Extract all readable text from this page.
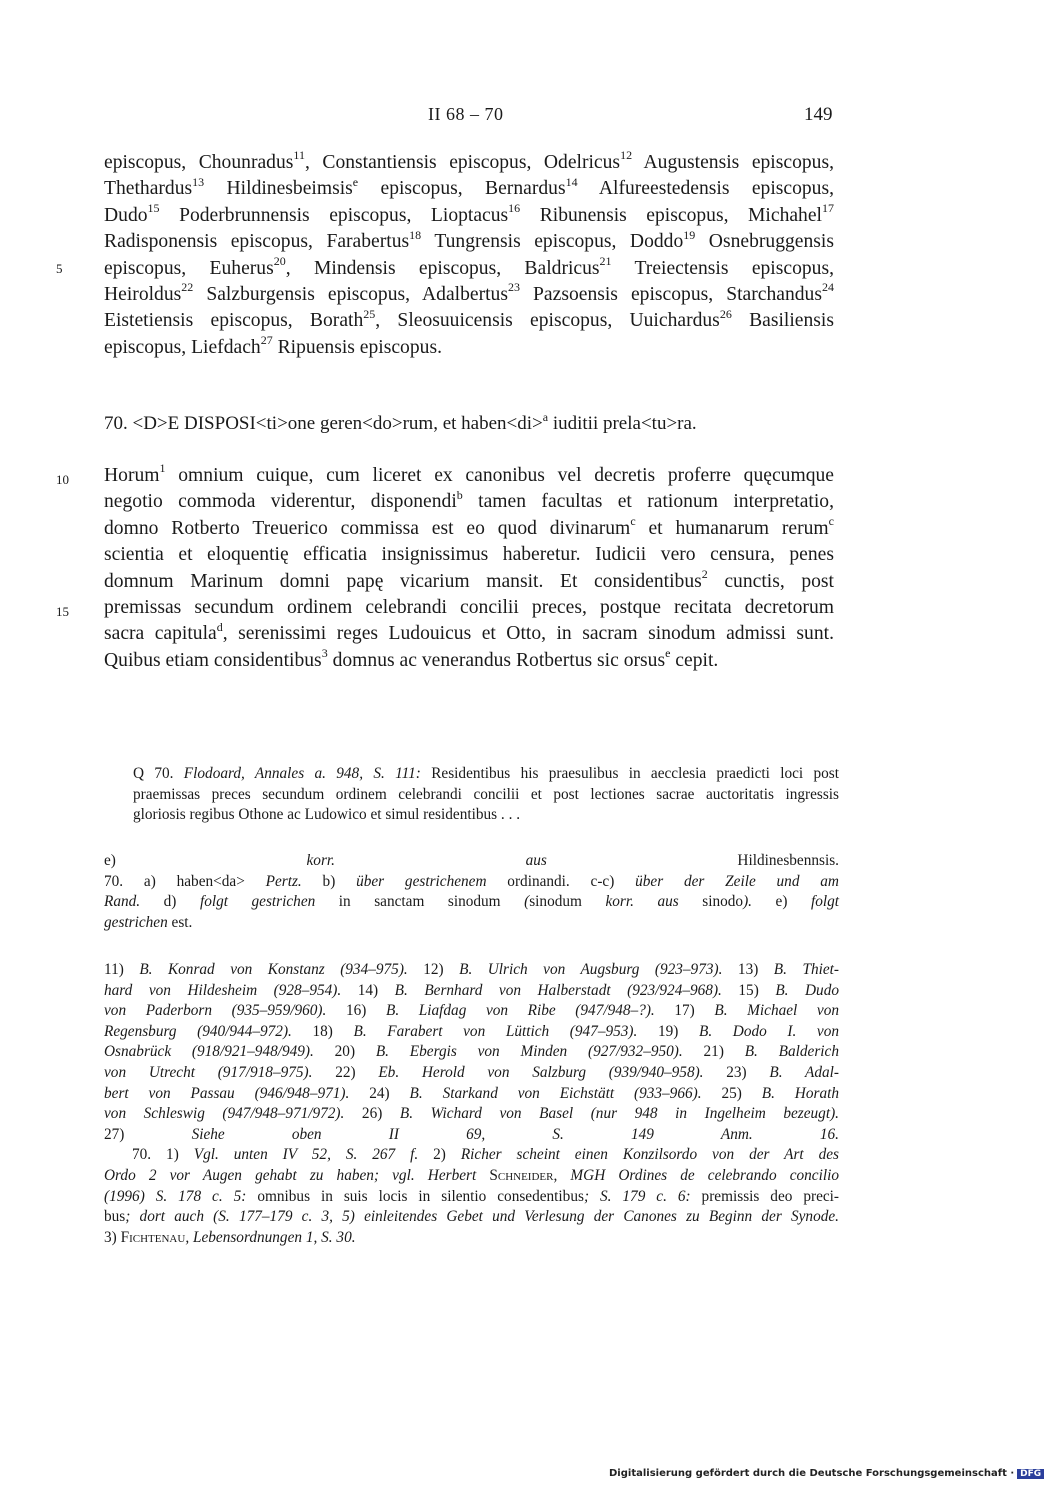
II 68 – 70	149
episcopus, Chounradus$^{11}$, Constantiensis episcopus, Odelricus$^{12}$ Augustensis episcopus,
Thethardus$^{13}$ Hildinesbeimsis$^e$ episcopus, Bernardus$^{14}$ Alfureestedensis episcopus,
Dudo$^{15}$ Poderbrunnensis episcopus, Lioptacus$^{16}$ Ribunensis episcopus, Michahel$^{17}$
Radisponensis episcopus, Farabertus$^{18}$ Tungrensis episcopus, Doddo$^{19}$ Osnebruggensis
episcopus, Euherus$^{20}$, Mindensis episcopus, Baldricus$^{21}$ Treiectensis episcopus,
Heiroldus$^{22}$ Salzburgensis episcopus, Adalbertus$^{23}$ Pazsoensis episcopus, Starchandus$^{24}$
Eistetiensis episcopus, Borath$^{25}$, Sleosuuicensis episcopus, Uuichardus$^{26}$ Basiliensis
episcopus, Liefdach$^{27}$ Ripuensis episcopus.
5
70. <D>E DISPOSI<ti>one geren<do>rum, et haben<di>$^a$ iuditii prela<tu>ra.
Horum$^1$ omnium cuique, cum liceret ex canonibus vel decretis proferre quęcumque
negotio commoda viderentur, disponendi$^b$ tamen facultas et rationum interpretatio,
domno Rotberto Treuerico commissa est eo quod divinarum$^c$ et humanarum rerum$^c$
scientia et eloquentię efficatia insignissimus haberetur. Iudicii vero censura, penes
domnum Marinum domni papę vicarium mansit. Et considentibus$^2$ cunctis, post
premissas secundum ordinem celebrandi concilii preces, postque recitata decretorum
sacra capitula$^d$, serenissimi reges Ludouicus et Otto, in sacram sinodum admissi sunt.
Quibus etiam considentibus$^3$ domnus ac venerandus Rotbertus sic orsus$^e$ cepit.
10
15
Q 70. Flodoard, Annales a. 948, S. 111: Residentibus his praesulibus in aecclesia praedicti loci post
praemissas preces secundum ordinem celebrandi concilii et post lectiones sacrae auctoritatis ingressis
gloriosis regibus Othone ac Ludowico et simul residentibus . . .
e) korr. aus Hildinesbennsis.
70. a) haben<da> Pertz. b) über gestrichenem ordinandi. c-c) über der Zeile und am
Rand. d) folgt gestrichen in sanctam sinodum (sinodum korr. aus sinodo). e) folgt
gestrichen est.
11) B. Konrad von Konstanz (934–975). 12) B. Ulrich von Augsburg (923–973). 13) B. Thiet-
hard von Hildesheim (928–954). 14) B. Bernhard von Halberstadt (923/924–968). 15) B. Dudo
von Paderborn (935–959/960). 16) B. Liafdag von Ribe (947/948–?). 17) B. Michael von
Regensburg (940/944–972). 18) B. Farabert von Lüttich (947–953). 19) B. Dodo I. von
Osnabrück (918/921–948/949). 20) B. Ebergis von Minden (927/932–950). 21) B. Balderich
von Utrecht (917/918–975). 22) Eb. Herold von Salzburg (939/940–958). 23) B. Adal-
bert von Passau (946/948–971). 24) B. Starkand von Eichstätt (933–966). 25) B. Horath
von Schleswig (947/948–971/972). 26) B. Wichard von Basel (nur 948 in Ingelheim bezeugt).
27) Siehe oben II 69, S. 149 Anm. 16.
70. 1) Vgl. unten IV 52, S. 267 f. 2) Richer scheint einen Konzilsordo von der Art des
Ordo 2 vor Augen gehabt zu haben; vgl. Herbert Schneider, MGH Ordines de celebrando concilio
(1996) S. 178 c. 5: omnibus in suis locis in silentio consedentibus; S. 179 c. 6: premissis deo preci-
bus; dort auch (S. 177–179 c. 3, 5) einleitendes Gebet und Verlesung der Canones zu Beginn der Synode.
3) Fichtenau, Lebensordnungen 1, S. 30.
Digitalisierung gefördert durch die Deutsche Forschungsgemeinschaft · DFG
